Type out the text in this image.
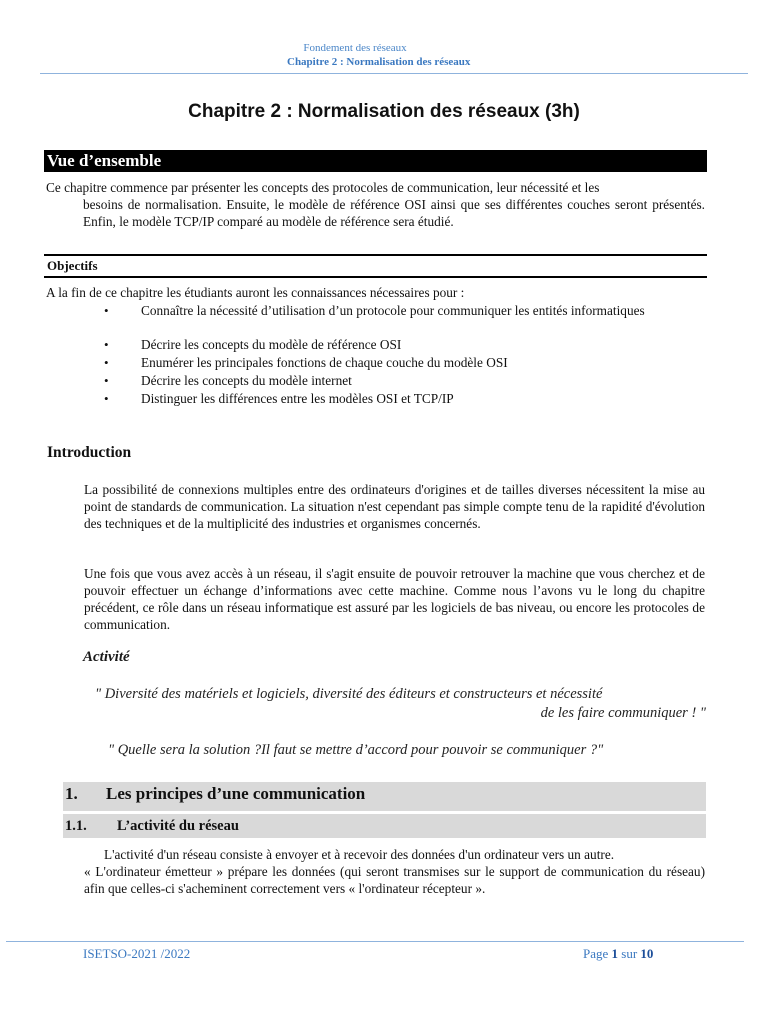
Fondement des réseaux
Chapitre 2 : Normalisation des réseaux
Chapitre 2 : Normalisation des réseaux (3h)
Vue d’ensemble
Ce chapitre commence par présenter les concepts des protocoles de communication, leur nécessité et les
besoins de normalisation. Ensuite, le modèle de référence OSI ainsi que ses différentes couches seront présentés. Enfin, le modèle TCP/IP comparé au modèle de référence sera étudié.
Objectifs
A la fin de ce chapitre les étudiants auront les connaissances nécessaires pour :
•	Connaître la nécessité d’utilisation d’un protocole pour communiquer les entités informatiques
•	Décrire les concepts du modèle de référence OSI
•	Enumérer les principales fonctions de chaque couche du modèle OSI
•	Décrire les concepts du modèle internet
•	Distinguer les différences entre les modèles OSI et TCP/IP
Introduction
La possibilité de connexions multiples entre des ordinateurs d'origines et de tailles diverses nécessitent la mise au point de standards de communication. La situation n'est cependant pas simple compte tenu de la rapidité d'évolution des techniques et de la multiplicité des industries et organismes concernés.
Une fois que vous avez accès à un réseau, il s'agit ensuite de pouvoir retrouver la machine que vous cherchez et de pouvoir effectuer un échange d’informations avec cette machine. Comme nous l’avons vu le long du chapitre précédent, ce rôle dans un réseau informatique est assuré par les logiciels de bas niveau, ou encore les protocoles de communication.
Activité
" Diversité des matériels et logiciels, diversité des éditeurs et constructeurs et nécessité
de les faire communiquer ! "
" Quelle sera la solution ?Il faut se mettre d’accord pour pouvoir se communiquer ?"
1. Les principes d’une communication
1.1. L’activité du réseau
L'activité d'un réseau consiste à envoyer et à recevoir des données d'un ordinateur vers un autre.
« L'ordinateur émetteur » prépare les données (qui seront transmises sur le support de communication du réseau) afin que celles-ci s'acheminent correctement vers « l'ordinateur récepteur ».
ISETSO-2021 /2022	Page 1 sur 10
